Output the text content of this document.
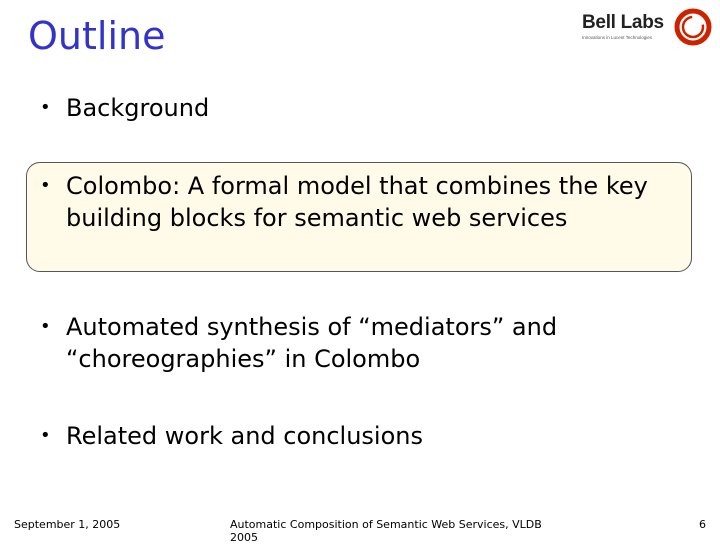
Outline	Bell Labs
Innovations in Lucent Technologies
• Background
• Colombo: A formal model that combines the key building blocks for semantic web services
• Automated synthesis of “mediators” and “choreographies” in Colombo
• Related work and conclusions
September 1, 2005	Automatic Composition of Semantic Web Services, VLDB 2005
6
